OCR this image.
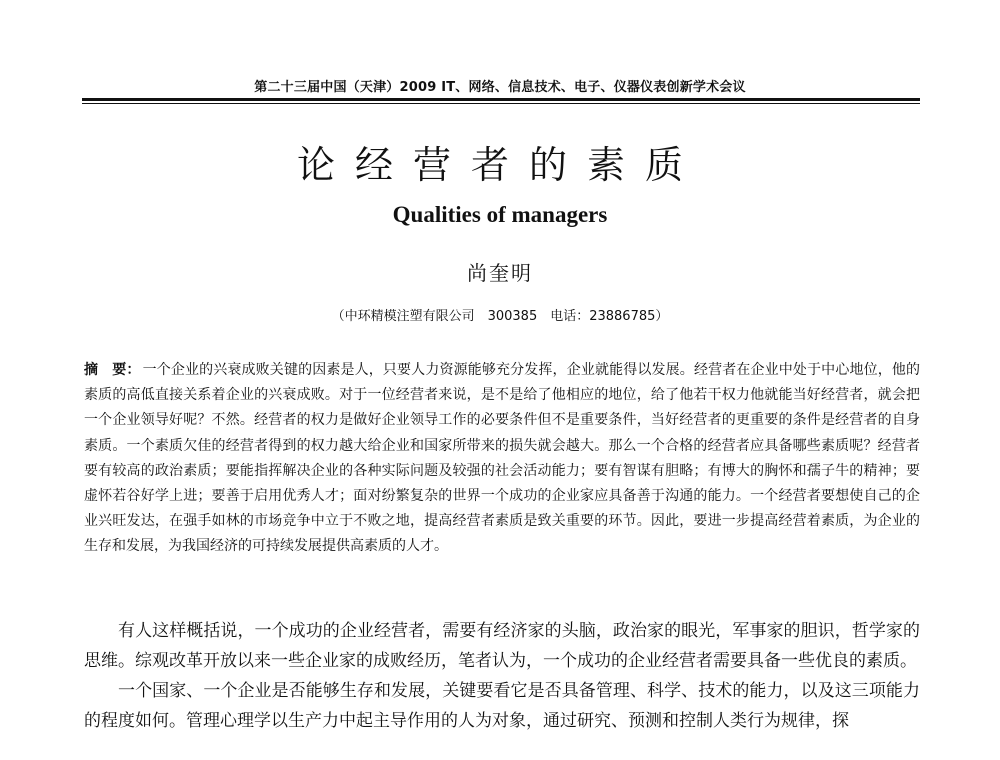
第二十三届中国（天津）2009 IT、网络、信息技术、电子、仪器仪表创新学术会议
论经营者的素质
Qualities of managers
尚奎明
（中环精模注塑有限公司　300385　电话：23886785）
摘　要： 一个企业的兴衰成败关键的因素是人，只要人力资源能够充分发挥，企业就能得以发展。经营者在企业中处于中心地位，他的素质的高低直接关系着企业的兴衰成败。对于一位经营者来说，是不是给了他相应的地位，给了他若干权力他就能当好经营者，就会把一个企业领导好呢？不然。经营者的权力是做好企业领导工作的必要条件但不是重要条件，当好经营者的更重要的条件是经营者的自身素质。一个素质欠佳的经营者得到的权力越大给企业和国家所带来的损失就会越大。那么一个合格的经营者应具备哪些素质呢？经营者要有较高的政治素质；要能指挥解决企业的各种实际问题及较强的社会活动能力；要有智谋有胆略；有博大的胸怀和孺子牛的精神；要虚怀若谷好学上进；要善于启用优秀人才；面对纷繁复杂的世界一个成功的企业家应具备善于沟通的能力。一个经营者要想使自己的企业兴旺发达，在强手如林的市场竞争中立于不败之地，提高经营者素质是致关重要的环节。因此，要进一步提高经营着素质，为企业的生存和发展，为我国经济的可持续发展提供高素质的人才。

有人这样概括说，一个成功的企业经营者，需要有经济家的头脑，政治家的眼光，军事家的胆识，哲学家的思维。综观改革开放以来一些企业家的成败经历，笔者认为，一个成功的企业经营者需要具备一些优良的素质。

一个国家、一个企业是否能够生存和发展，关键要看它是否具备管理、科学、技术的能力，以及这三项能力的程度如何。管理心理学以生产力中起主导作用的人为对象，通过研究、预测和控制人类行为规律，探
